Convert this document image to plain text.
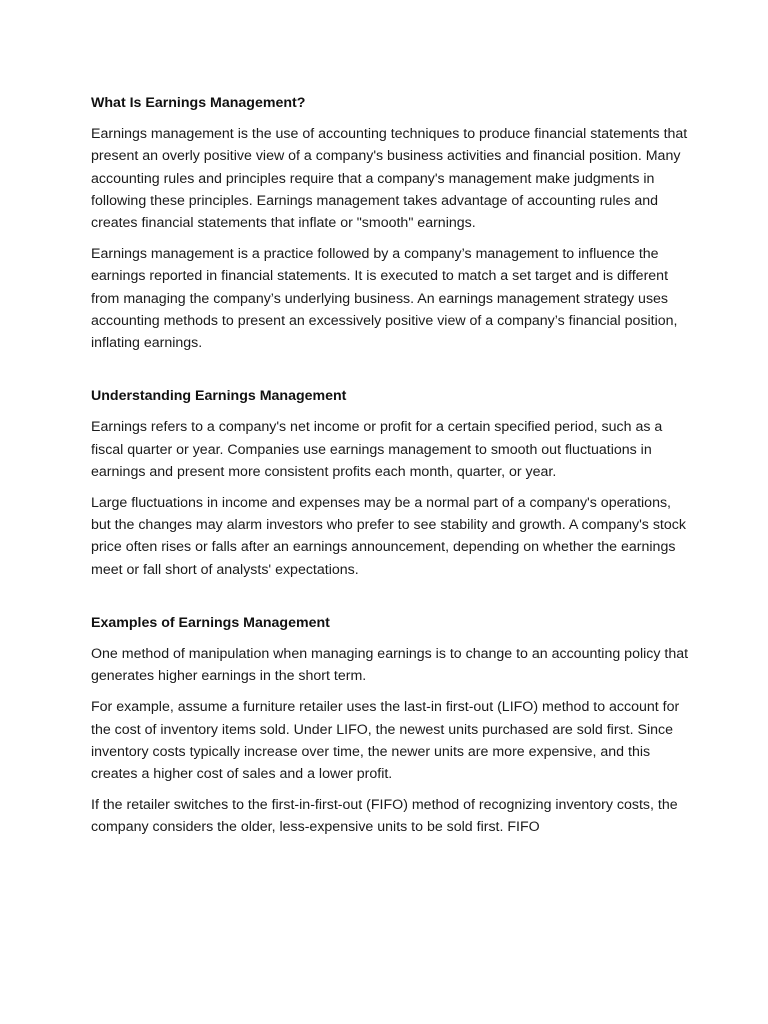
What Is Earnings Management?
Earnings management is the use of accounting techniques to produce financial statements that present an overly positive view of a company's business activities and financial position. Many accounting rules and principles require that a company's management make judgments in following these principles. Earnings management takes advantage of accounting rules and creates financial statements that inflate or "smooth" earnings.
Earnings management is a practice followed by a company’s management to influence the earnings reported in financial statements. It is executed to match a set target and is different from managing the company’s underlying business. An earnings management strategy uses accounting methods to present an excessively positive view of a company’s financial position, inflating earnings.
Understanding Earnings Management
Earnings refers to a company's net income or profit for a certain specified period, such as a fiscal quarter or year. Companies use earnings management to smooth out fluctuations in earnings and present more consistent profits each month, quarter, or year.
Large fluctuations in income and expenses may be a normal part of a company's operations, but the changes may alarm investors who prefer to see stability and growth. A company's stock price often rises or falls after an earnings announcement, depending on whether the earnings meet or fall short of analysts' expectations.
Examples of Earnings Management
One method of manipulation when managing earnings is to change to an accounting policy that generates higher earnings in the short term.
For example, assume a furniture retailer uses the last-in first-out (LIFO) method to account for the cost of inventory items sold. Under LIFO, the newest units purchased are sold first. Since inventory costs typically increase over time, the newer units are more expensive, and this creates a higher cost of sales and a lower profit.
If the retailer switches to the first-in-first-out (FIFO) method of recognizing inventory costs, the company considers the older, less-expensive units to be sold first. FIFO
